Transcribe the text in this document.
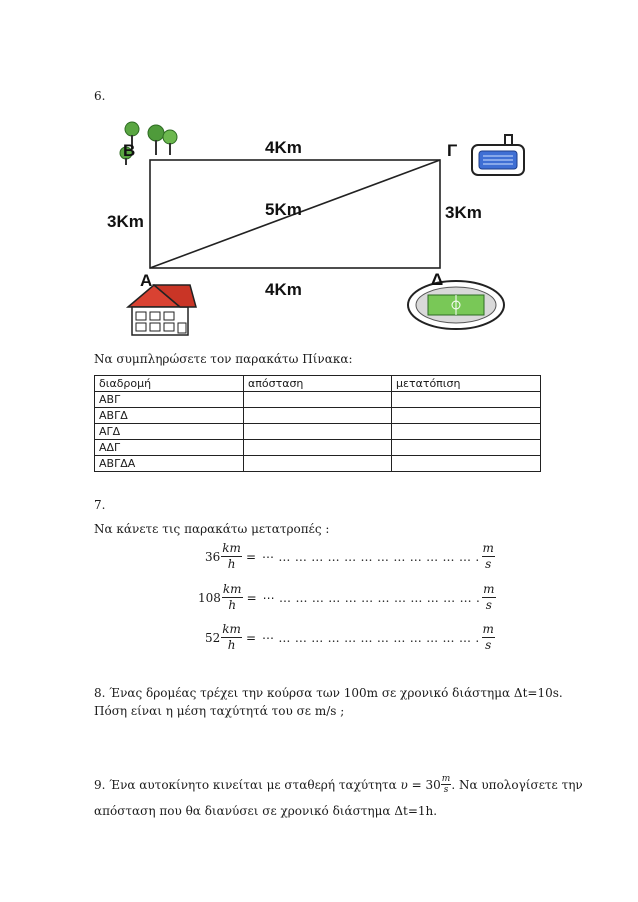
6.
B	Γ
A	Δ
4Km
4Km
3Km	3Km
5Km
Να συμπληρώσετε τον παρακάτω Πίνακα:
διαδρομή	απόσταση	μετατόπιση
ΑΒΓ		
ΑΒΓΔ		
ΑΓΔ		
ΑΔΓ		
ΑΒΓΔΑ		
7.
Να κάνετε τις παρακάτω μετατροπές :
$36 \frac{km}{h}$ = ⋯ … … … … … … … … … … … … . $\frac{m}{s}$
$108 \frac{km}{h}$ = ⋯ … … … … … … … … … … … … . $\frac{m}{s}$
$52 \frac{km}{h}$ = ⋯ … … … … … … … … … … … … . $\frac{m}{s}$
8. Ένας δρομέας τρέχει την κούρσα των 100m σε χρονικό διάστημα Δt=10s.
Πόση είναι η μέση ταχύτητά του σε m/s ;
9. Ένα αυτοκίνητο κινείται με σταθερή ταχύτητα $\upsilon = 30 \frac{m}{s}$ . Να υπολογίσετε την
απόσταση που θα διανύσει σε χρονικό διάστημα Δt=1h.
